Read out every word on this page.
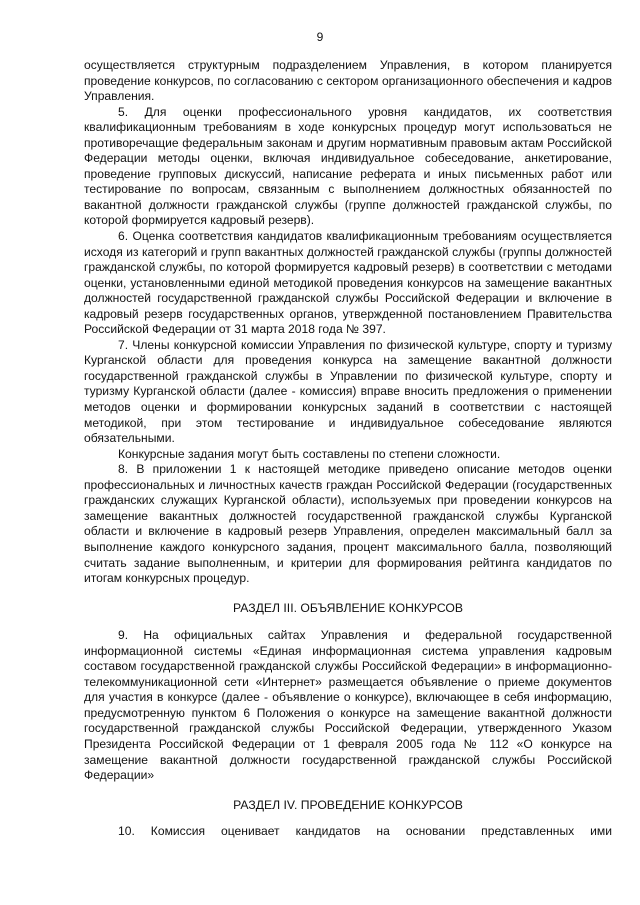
9

осуществляется структурным подразделением Управления, в котором планируется проведение конкурсов, по согласованию с сектором организационного обеспечения и кадров Управления.

5. Для оценки профессионального уровня кандидатов, их соответствия квалификационным требованиям в ходе конкурсных процедур могут использоваться не противоречащие федеральным законам и другим нормативным правовым актам Российской Федерации методы оценки, включая индивидуальное собеседование, анкетирование, проведение групповых дискуссий, написание реферата и иных письменных работ или тестирование по вопросам, связанным с выполнением должностных обязанностей по вакантной должности гражданской службы (группе должностей гражданской службы, по которой формируется кадровый резерв).

6. Оценка соответствия кандидатов квалификационным требованиям осуществляется исходя из категорий и групп вакантных должностей гражданской службы (группы должностей гражданской службы, по которой формируется кадровый резерв) в соответствии с методами оценки, установленными единой методикой проведения конкурсов на замещение вакантных должностей государственной гражданской службы Российской Федерации и включение в кадровый резерв государственных органов, утвержденной постановлением Правительства Российской Федерации от 31 марта 2018 года № 397.

7. Члены конкурсной комиссии Управления по физической культуре, спорту и туризму Курганской области для проведения конкурса на замещение вакантной должности государственной гражданской службы в Управлении по физической культуре, спорту и туризму Курганской области (далее - комиссия) вправе вносить предложения о применении методов оценки и формировании конкурсных заданий в соответствии с настоящей методикой, при этом тестирование и индивидуальное собеседование являются обязательными.

Конкурсные задания могут быть составлены по степени сложности.

8. В приложении 1 к настоящей методике приведено описание методов оценки профессиональных и личностных качеств граждан Российской Федерации (государственных гражданских служащих Курганской области), используемых при проведении конкурсов на замещение вакантных должностей государственной гражданской службы Курганской области и включение в кадровый резерв Управления, определен максимальный балл за выполнение каждого конкурсного задания, процент максимального балла, позволяющий считать задание выполненным, и критерии для формирования рейтинга кандидатов по итогам конкурсных процедур.

РАЗДЕЛ III. ОБЪЯВЛЕНИЕ КОНКУРСОВ

9. На официальных сайтах Управления и федеральной государственной информационной системы «Единая информационная система управления кадровым составом государственной гражданской службы Российской Федерации» в информационно-телекоммуникационной сети «Интернет» размещается объявление о приеме документов для участия в конкурсе (далее - объявление о конкурсе), включающее в себя информацию, предусмотренную пунктом 6 Положения о конкурсе на замещение вакантной должности государственной гражданской службы Российской Федерации, утвержденного Указом Президента Российской Федерации от 1 февраля 2005 года № 112 «О конкурсе на замещение вакантной должности государственной гражданской службы Российской Федерации»

РАЗДЕЛ IV. ПРОВЕДЕНИЕ КОНКУРСОВ

10. Комиссия оценивает кандидатов на основании представленных ими
